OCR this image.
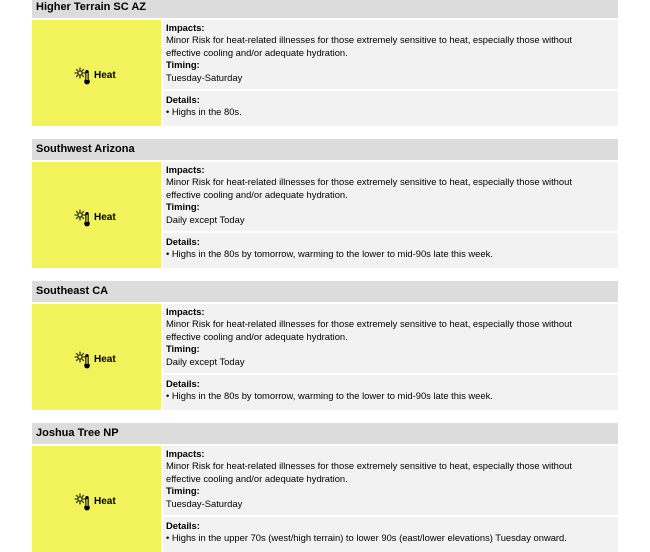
Higher Terrain SC AZ
Heat
Impacts:
Minor Risk for heat-related illnesses for those extremely sensitive to heat, especially those without effective cooling and/or adequate hydration.
Timing:
Tuesday-Saturday
Details:
• Highs in the 80s.
Southwest Arizona
Heat
Impacts:
Minor Risk for heat-related illnesses for those extremely sensitive to heat, especially those without effective cooling and/or adequate hydration.
Timing:
Daily except Today
Details:
• Highs in the 80s by tomorrow, warming to the lower to mid-90s late this week.
Southeast CA
Heat
Impacts:
Minor Risk for heat-related illnesses for those extremely sensitive to heat, especially those without effective cooling and/or adequate hydration.
Timing:
Daily except Today
Details:
• Highs in the 80s by tomorrow, warming to the lower to mid-90s late this week.
Joshua Tree NP
Heat
Impacts:
Minor Risk for heat-related illnesses for those extremely sensitive to heat, especially those without effective cooling and/or adequate hydration.
Timing:
Tuesday-Saturday
Details:
• Highs in the upper 70s (west/high terrain) to lower 90s (east/lower elevations) Tuesday onward.
